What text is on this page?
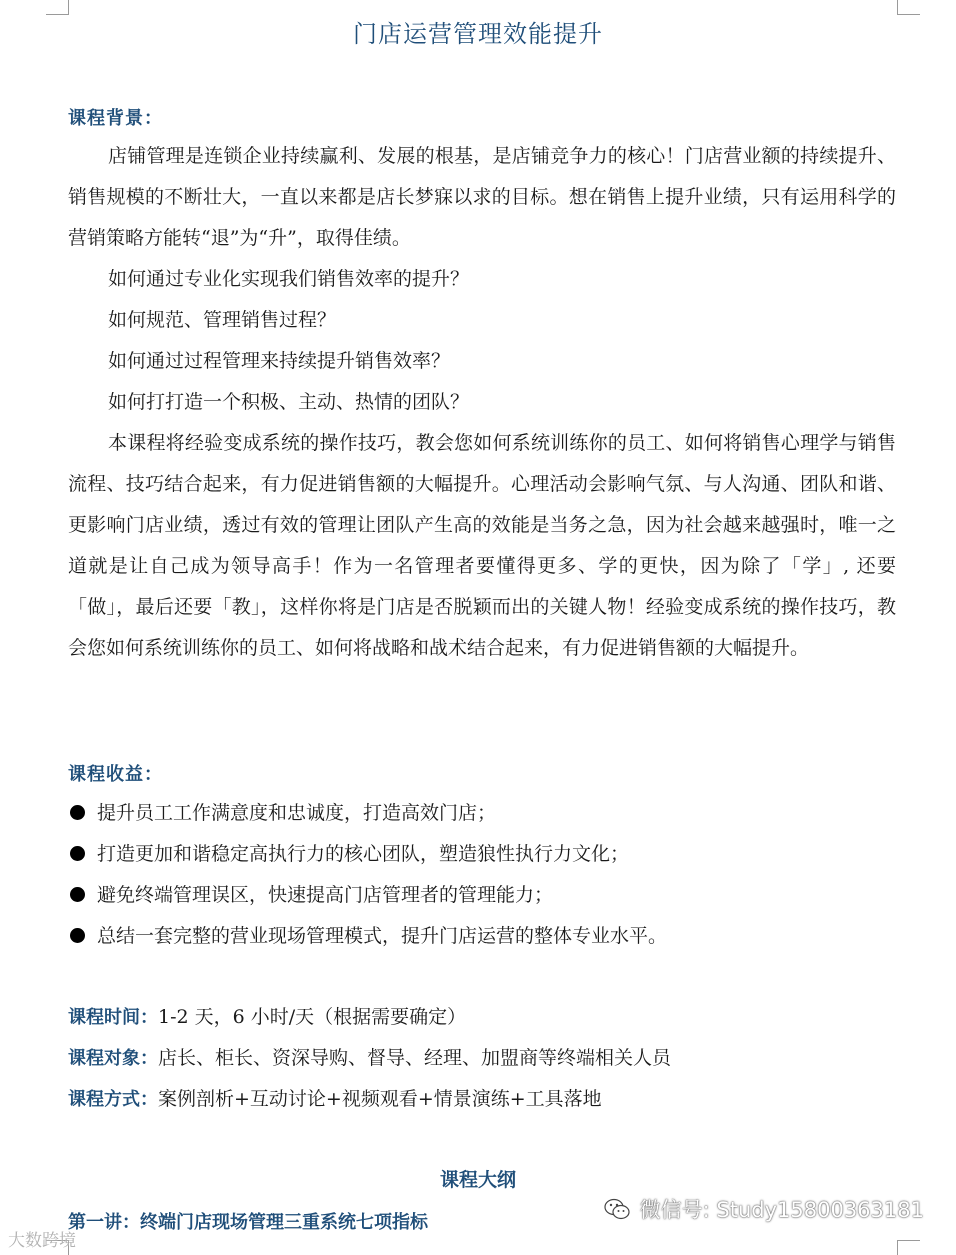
门店运营管理效能提升
课程背景：

店铺管理是连锁企业持续赢利、发展的根基，是店铺竞争力的核心！门店营业额的持续提升、销售规模的不断壮大，一直以来都是店长梦寐以求的目标。想在销售上提升业绩，只有运用科学的营销策略方能转“退”为“升”，取得佳绩。

如何通过专业化实现我们销售效率的提升？
如何规范、管理销售过程？
如何通过过程管理来持续提升销售效率？
如何打打造一个积极、主动、热情的团队？

本课程将经验变成系统的操作技巧，教会您如何系统训练你的员工、如何将销售心理学与销售流程、技巧结合起来，有力促进销售额的大幅提升。心理活动会影响气氛、与人沟通、团队和谐、更影响门店业绩，透过有效的管理让团队产生高的效能是当务之急，因为社会越来越强时，唯一之道就是让自己成为领导高手！作为一名管理者要懂得更多、学的更快，因为除了「学」, 还要「做」，最后还要「教」，这样你将是门店是否脱颖而出的关键人物！经验变成系统的操作技巧，教会您如何系统训练你的员工、如何将战略和战术结合起来，有力促进销售额的大幅提升。

课程收益：
提升员工工作满意度和忠诚度，打造高效门店；
打造更加和谐稳定高执行力的核心团队，塑造狼性执行力文化；
避免终端管理误区，快速提高门店管理者的管理能力；
总结一套完整的营业现场管理模式，提升门店运营的整体专业水平。
课程时间：1-2 天，6 小时/天（根据需要确定）
课程对象：店长、柜长、资深导购、督导、经理、加盟商等终端相关人员
课程方式：案例剖析+互动讨论+视频观看+情景演练+工具落地
课程大纲
第一讲：终端门店现场管理三重系统七项指标
大数跨境
微信号: Study15800363181
